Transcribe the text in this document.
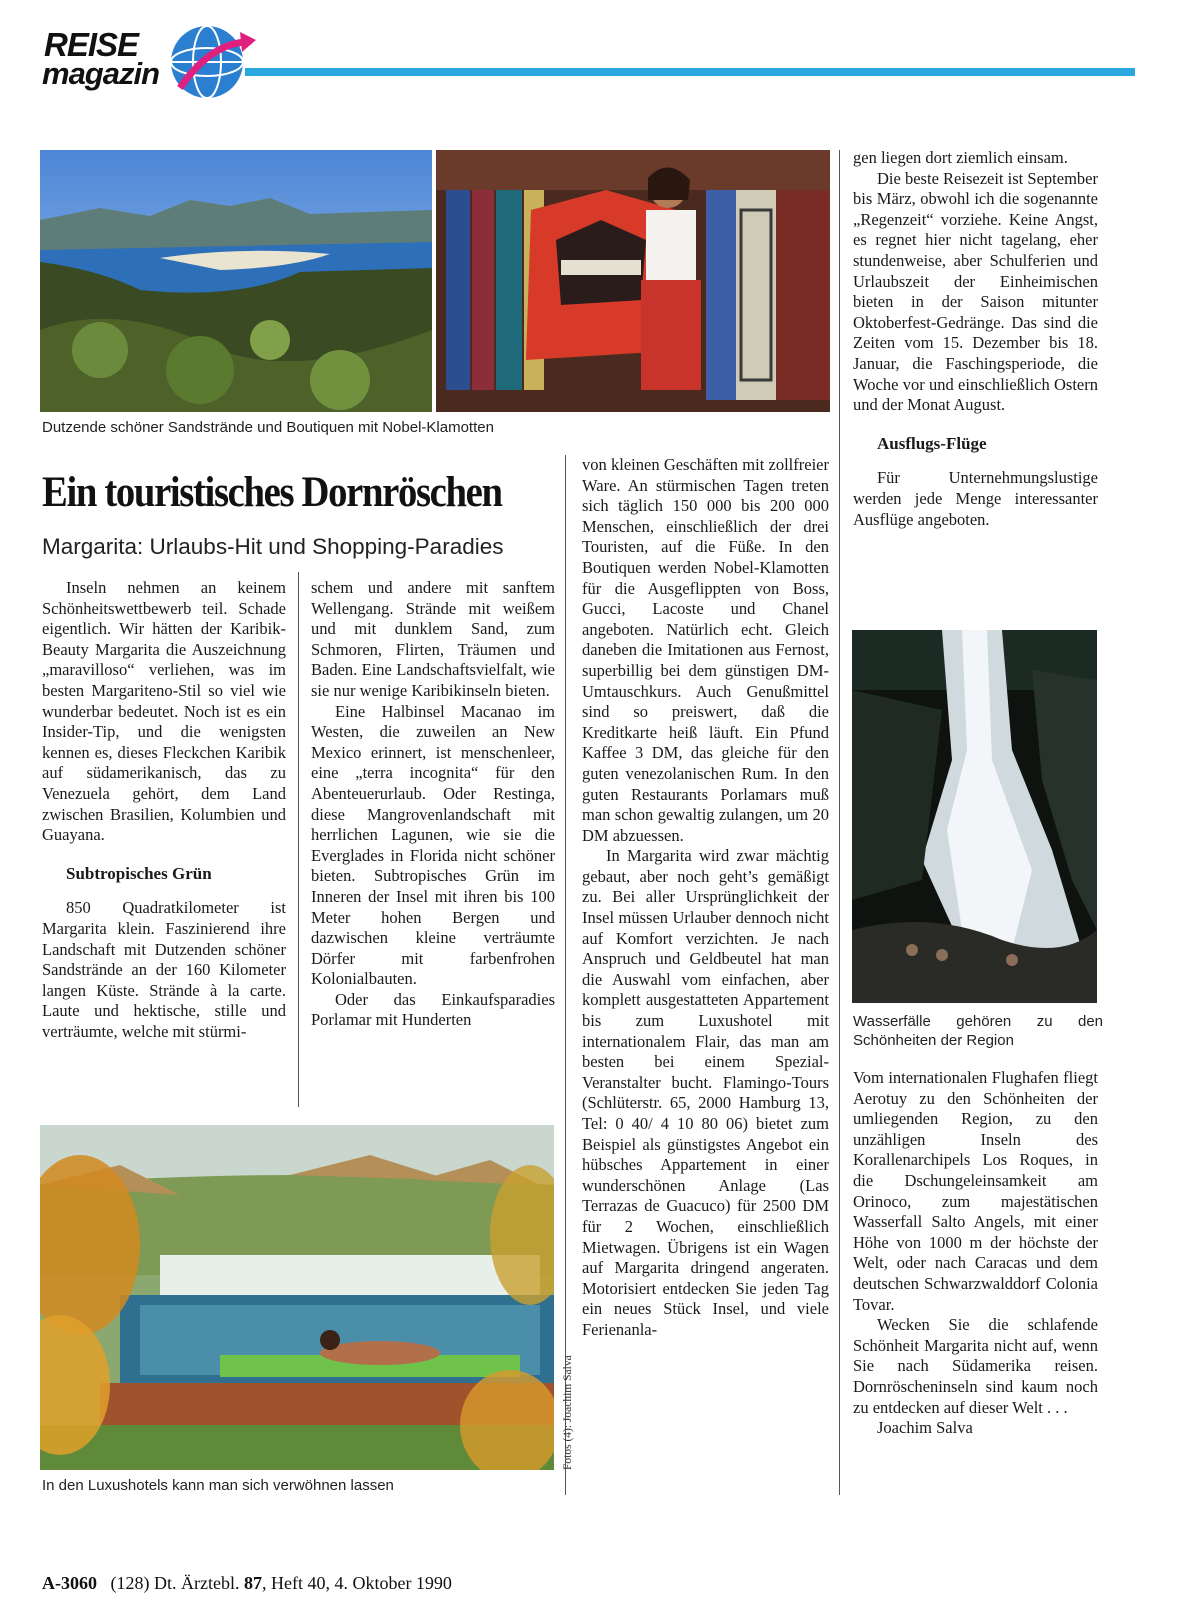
REISE
magazin
Dutzende schöner Sandstrände und Boutiquen mit Nobel-Klamotten
Ein touristisches Dornröschen
Margarita: Urlaubs-Hit und Shopping-Paradies

Inseln nehmen an keinem Schönheitswettbewerb teil. Schade eigentlich. Wir hätten der Karibik-Beauty Margarita die Auszeichnung „maravilloso“ verliehen, was im besten Margariteno-Stil so viel wie wunderbar bedeutet. Noch ist es ein Insider-Tip, und die wenigsten kennen es, dieses Fleckchen Karibik auf südamerikanisch, das zu Venezuela gehört, dem Land zwischen Brasilien, Kolumbien und Guayana.

Subtropisches Grün

850 Quadratkilometer ist Margarita klein. Faszinierend ihre Landschaft mit Dutzenden schöner Sandstrände an der 160 Kilometer langen Küste. Strände à la carte. Laute und hektische, stille und verträumte, welche mit stürmi-

schem und andere mit sanftem Wellengang. Strände mit weißem und mit dunklem Sand, zum Schmoren, Flirten, Träumen und Baden. Eine Landschaftsvielfalt, wie sie nur wenige Karibikinseln bieten.

Eine Halbinsel Macanao im Westen, die zuweilen an New Mexico erinnert, ist menschenleer, eine „terra incognita“ für den Abenteuerurlaub. Oder Restinga, diese Mangrovenlandschaft mit herrlichen Lagunen, wie sie die Everglades in Florida nicht schöner bieten. Subtropisches Grün im Inneren der Insel mit ihren bis 100 Meter hohen Bergen und dazwischen kleine verträumte Dörfer mit farbenfrohen Kolonialbauten.

Oder das Einkaufsparadies Porlamar mit Hunderten

Fotos (4): Joachim Salva
In den Luxushotels kann man sich verwöhnen lassen

von kleinen Geschäften mit zollfreier Ware. An stürmischen Tagen treten sich täglich 150 000 bis 200 000 Menschen, einschließlich der drei Touristen, auf die Füße. In den Boutiquen werden Nobel-Klamotten für die Ausgeflippten von Boss, Gucci, Lacoste und Chanel angeboten. Natürlich echt. Gleich daneben die Imitationen aus Fernost, superbillig bei dem günstigen DM-Umtauschkurs. Auch Genußmittel sind so preiswert, daß die Kreditkarte heiß läuft. Ein Pfund Kaffee 3 DM, das gleiche für den guten venezolanischen Rum. In den guten Restaurants Porlamars muß man schon gewaltig zulangen, um 20 DM abzuessen.

In Margarita wird zwar mächtig gebaut, aber noch geht’s gemäßigt zu. Bei aller Ursprünglichkeit der Insel müssen Urlauber dennoch nicht auf Komfort verzichten. Je nach Anspruch und Geldbeutel hat man die Auswahl vom einfachen, aber komplett ausgestatteten Appartement bis zum Luxushotel mit internationalem Flair, das man am besten bei einem Spezial-Veranstalter bucht. Flamingo-Tours (Schlüterstr. 65, 2000 Hamburg 13, Tel: 0 40/ 4 10 80 06) bietet zum Beispiel als günstigstes Angebot ein hübsches Appartement in einer wunderschönen Anlage (Las Terrazas de Guacuco) für 2500 DM für 2 Wochen, einschließlich Mietwagen. Übrigens ist ein Wagen auf Margarita dringend angeraten. Motorisiert entdecken Sie jeden Tag ein neues Stück Insel, und viele Ferienanla-

gen liegen dort ziemlich einsam.

Die beste Reisezeit ist September bis März, obwohl ich die sogenannte „Regenzeit“ vorziehe. Keine Angst, es regnet hier nicht tagelang, eher stundenweise, aber Schulferien und Urlaubszeit der Einheimischen bieten in der Saison mitunter Oktoberfest-Gedränge. Das sind die Zeiten vom 15. Dezember bis 18. Januar, die Faschingsperiode, die Woche vor und einschließlich Ostern und der Monat August.

Ausflugs-Flüge

Für Unternehmungslustige werden jede Menge interessanter Ausflüge angeboten.

Wasserfälle gehören zu den Schönheiten der Region

Vom internationalen Flughafen fliegt Aerotuy zu den Schönheiten der umliegenden Region, zu den unzähligen Inseln des Korallenarchipels Los Roques, in die Dschungeleinsamkeit am Orinoco, zum majestätischen Wasserfall Salto Angels, mit einer Höhe von 1000 m der höchste der Welt, oder nach Caracas und dem deutschen Schwarzwalddorf Colonia Tovar.

Wecken Sie die schlafende Schönheit Margarita nicht auf, wenn Sie nach Südamerika reisen. Dornröscheninseln sind kaum noch zu entdecken auf dieser Welt . . .

Joachim Salva

A-3060 (128) Dt. Ärztebl. 87, Heft 40, 4. Oktober 1990
